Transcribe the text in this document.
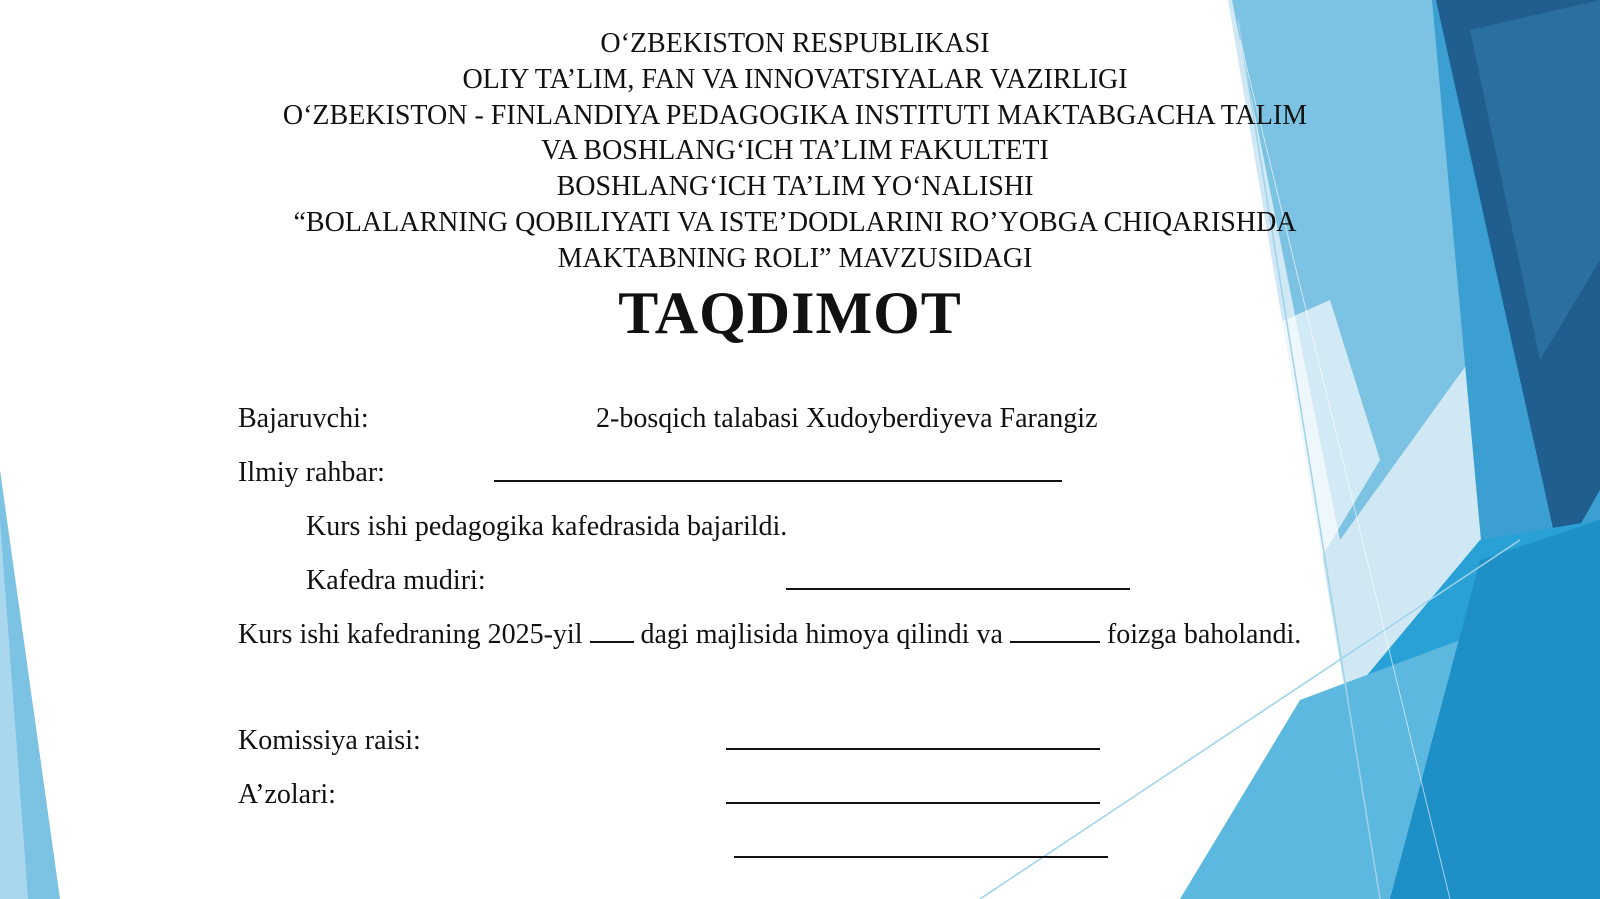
O‘ZBEKISTON RESPUBLIKASI
OLIY TA’LIM, FAN VA INNOVATSIYALAR VAZIRLIGI
O‘ZBEKISTON - FINLANDIYA PEDAGOGIKA INSTITUTI MAKTABGACHA TALIM
VA BOSHLANG‘ICH TA’LIM FAKULTETI
BOSHLANG‘ICH TA’LIM YO‘NALISHI
“BOLALARNING QOBILIYATI VA ISTE’DODLARINI RO’YOBGA CHIQARISHDA
MAKTABNING ROLI” MAVZUSIDAGI
TAQDIMOT
Bajaruvchi:	2-bosqich talabasi Xudoyberdiyeva Farangiz
Ilmiy rahbar:
Kurs ishi pedagogika kafedrasida bajarildi.
Kafedra mudiri:
Kurs ishi kafedraning 2025-yil dagi majlisida himoya qilindi va	foizga baholandi.
Komissiya raisi:
A’zolari:
